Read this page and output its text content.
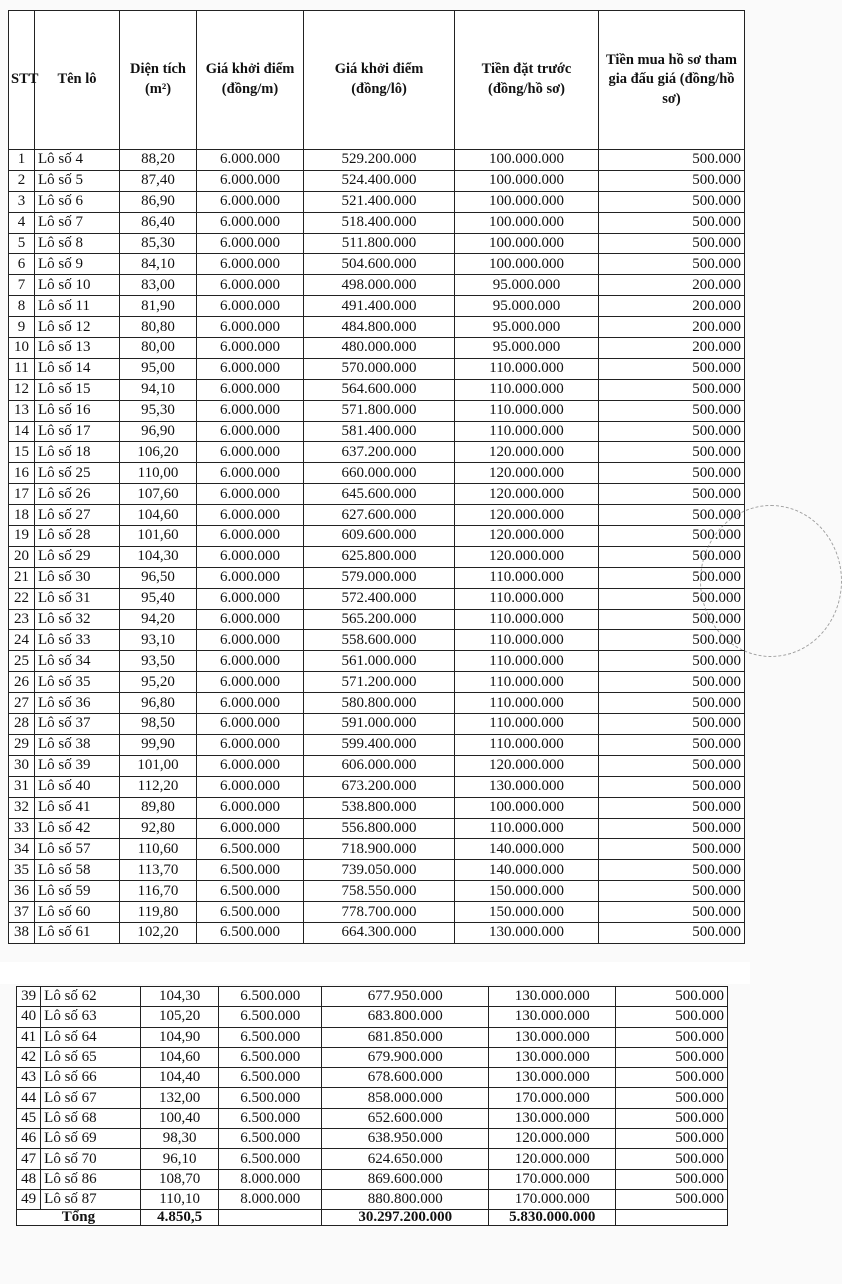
STT	Tên lô	Diện tích (m²)	Giá khởi điểm (đồng/m)	Giá khởi điểm (đồng/lô)	Tiền đặt trước (đồng/hồ sơ)	Tiền mua hồ sơ tham gia đấu giá (đồng/hồ sơ)
1	Lô số 4	88,20	6.000.000	529.200.000	100.000.000	500.000
2	Lô số 5	87,40	6.000.000	524.400.000	100.000.000	500.000
3	Lô số 6	86,90	6.000.000	521.400.000	100.000.000	500.000
4	Lô số 7	86,40	6.000.000	518.400.000	100.000.000	500.000
5	Lô số 8	85,30	6.000.000	511.800.000	100.000.000	500.000
6	Lô số 9	84,10	6.000.000	504.600.000	100.000.000	500.000
7	Lô số 10	83,00	6.000.000	498.000.000	95.000.000	200.000
8	Lô số 11	81,90	6.000.000	491.400.000	95.000.000	200.000
9	Lô số 12	80,80	6.000.000	484.800.000	95.000.000	200.000
10	Lô số 13	80,00	6.000.000	480.000.000	95.000.000	200.000
11	Lô số 14	95,00	6.000.000	570.000.000	110.000.000	500.000
12	Lô số 15	94,10	6.000.000	564.600.000	110.000.000	500.000
13	Lô số 16	95,30	6.000.000	571.800.000	110.000.000	500.000
14	Lô số 17	96,90	6.000.000	581.400.000	110.000.000	500.000
15	Lô số 18	106,20	6.000.000	637.200.000	120.000.000	500.000
16	Lô số 25	110,00	6.000.000	660.000.000	120.000.000	500.000
17	Lô số 26	107,60	6.000.000	645.600.000	120.000.000	500.000
18	Lô số 27	104,60	6.000.000	627.600.000	120.000.000	500.000
19	Lô số 28	101,60	6.000.000	609.600.000	120.000.000	500.000
20	Lô số 29	104,30	6.000.000	625.800.000	120.000.000	500.000
21	Lô số 30	96,50	6.000.000	579.000.000	110.000.000	500.000
22	Lô số 31	95,40	6.000.000	572.400.000	110.000.000	500.000
23	Lô số 32	94,20	6.000.000	565.200.000	110.000.000	500.000
24	Lô số 33	93,10	6.000.000	558.600.000	110.000.000	500.000
25	Lô số 34	93,50	6.000.000	561.000.000	110.000.000	500.000
26	Lô số 35	95,20	6.000.000	571.200.000	110.000.000	500.000
27	Lô số 36	96,80	6.000.000	580.800.000	110.000.000	500.000
28	Lô số 37	98,50	6.000.000	591.000.000	110.000.000	500.000
29	Lô số 38	99,90	6.000.000	599.400.000	110.000.000	500.000
30	Lô số 39	101,00	6.000.000	606.000.000	120.000.000	500.000
31	Lô số 40	112,20	6.000.000	673.200.000	130.000.000	500.000
32	Lô số 41	89,80	6.000.000	538.800.000	100.000.000	500.000
33	Lô số 42	92,80	6.000.000	556.800.000	110.000.000	500.000
34	Lô số 57	110,60	6.500.000	718.900.000	140.000.000	500.000
35	Lô số 58	113,70	6.500.000	739.050.000	140.000.000	500.000
36	Lô số 59	116,70	6.500.000	758.550.000	150.000.000	500.000
37	Lô số 60	119,80	6.500.000	778.700.000	150.000.000	500.000
38	Lô số 61	102,20	6.500.000	664.300.000	130.000.000	500.000
39	Lô số 62	104,30	6.500.000	677.950.000	130.000.000	500.000
40	Lô số 63	105,20	6.500.000	683.800.000	130.000.000	500.000
41	Lô số 64	104,90	6.500.000	681.850.000	130.000.000	500.000
42	Lô số 65	104,60	6.500.000	679.900.000	130.000.000	500.000
43	Lô số 66	104,40	6.500.000	678.600.000	130.000.000	500.000
44	Lô số 67	132,00	6.500.000	858.000.000	170.000.000	500.000
45	Lô số 68	100,40	6.500.000	652.600.000	130.000.000	500.000
46	Lô số 69	98,30	6.500.000	638.950.000	120.000.000	500.000
47	Lô số 70	96,10	6.500.000	624.650.000	120.000.000	500.000
48	Lô số 86	108,70	8.000.000	869.600.000	170.000.000	500.000
49	Lô số 87	110,10	8.000.000	880.800.000	170.000.000	500.000
Tổng		4.850,5		30.297.200.000	5.830.000.000	
